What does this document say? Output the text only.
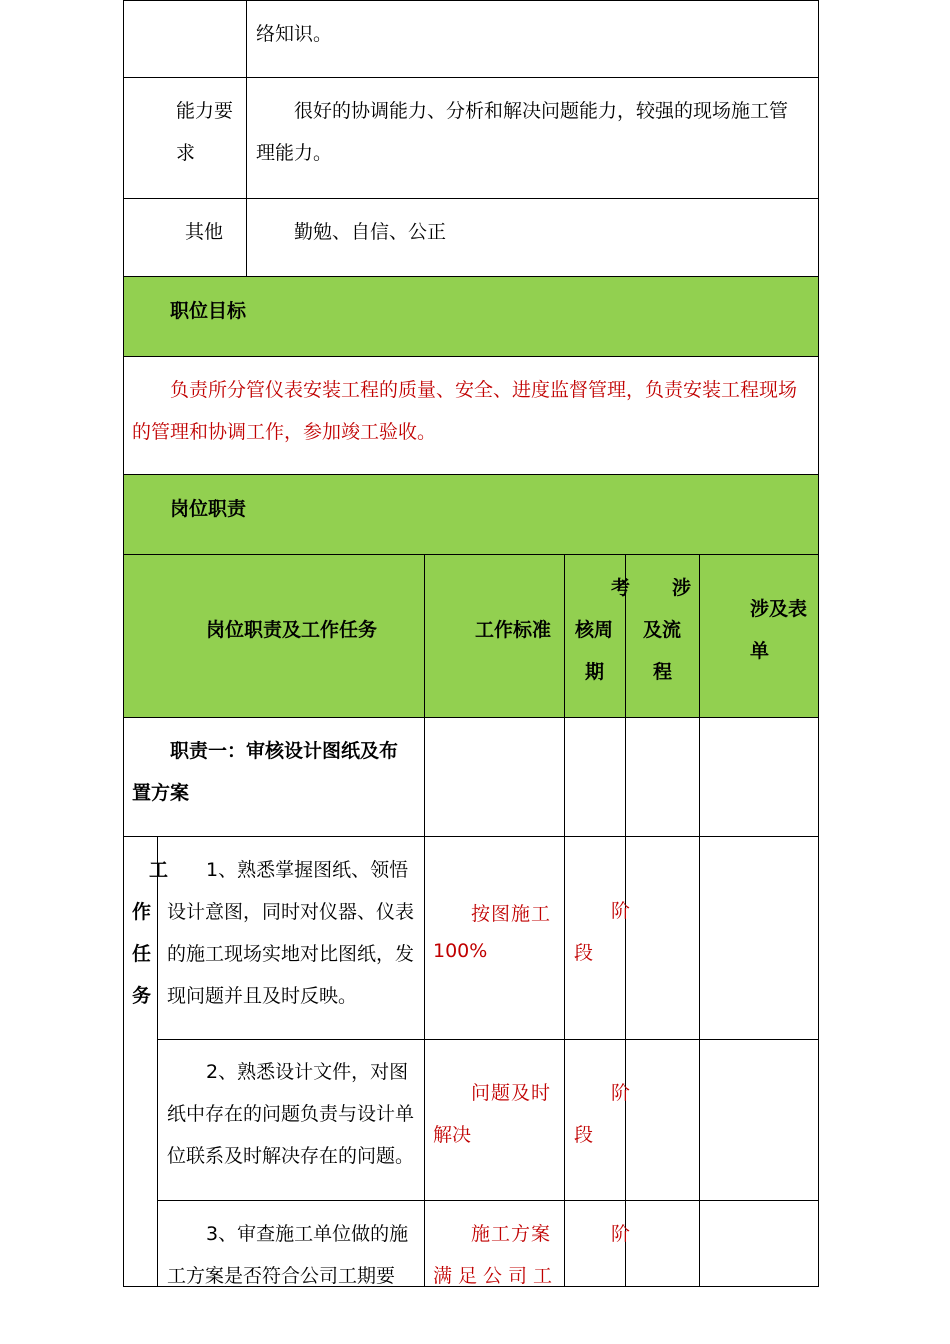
络知识。
能力要
求
很好的协调能力、分析和解决问题能力，较强的现场施工管
理能力。
其他	勤勉、自信、公正
职位目标
负责所分管仪表安装工程的质量、安全、进度监督管理，负责安装工程现场
的管理和协调工作，参加竣工验收。
岗位职责
岗位职责及工作任务	工作标准
考
核周
期
涉
及流
程
涉及表
单
职责一：审核设计图纸及布
置方案
工
作
任
务
1、熟悉掌握图纸、领悟
设计意图，同时对仪器、仪表
的施工现场实地对比图纸，发
现问题并且及时反映。
按图施工
100%
阶
段
2、熟悉设计文件，对图
纸中存在的问题负责与设计单
位联系及时解决存在的问题。
问题及时
解决
阶
段
3、审查施工单位做的施
工方案是否符合公司工期要
施工方案
满足公司工
阶
